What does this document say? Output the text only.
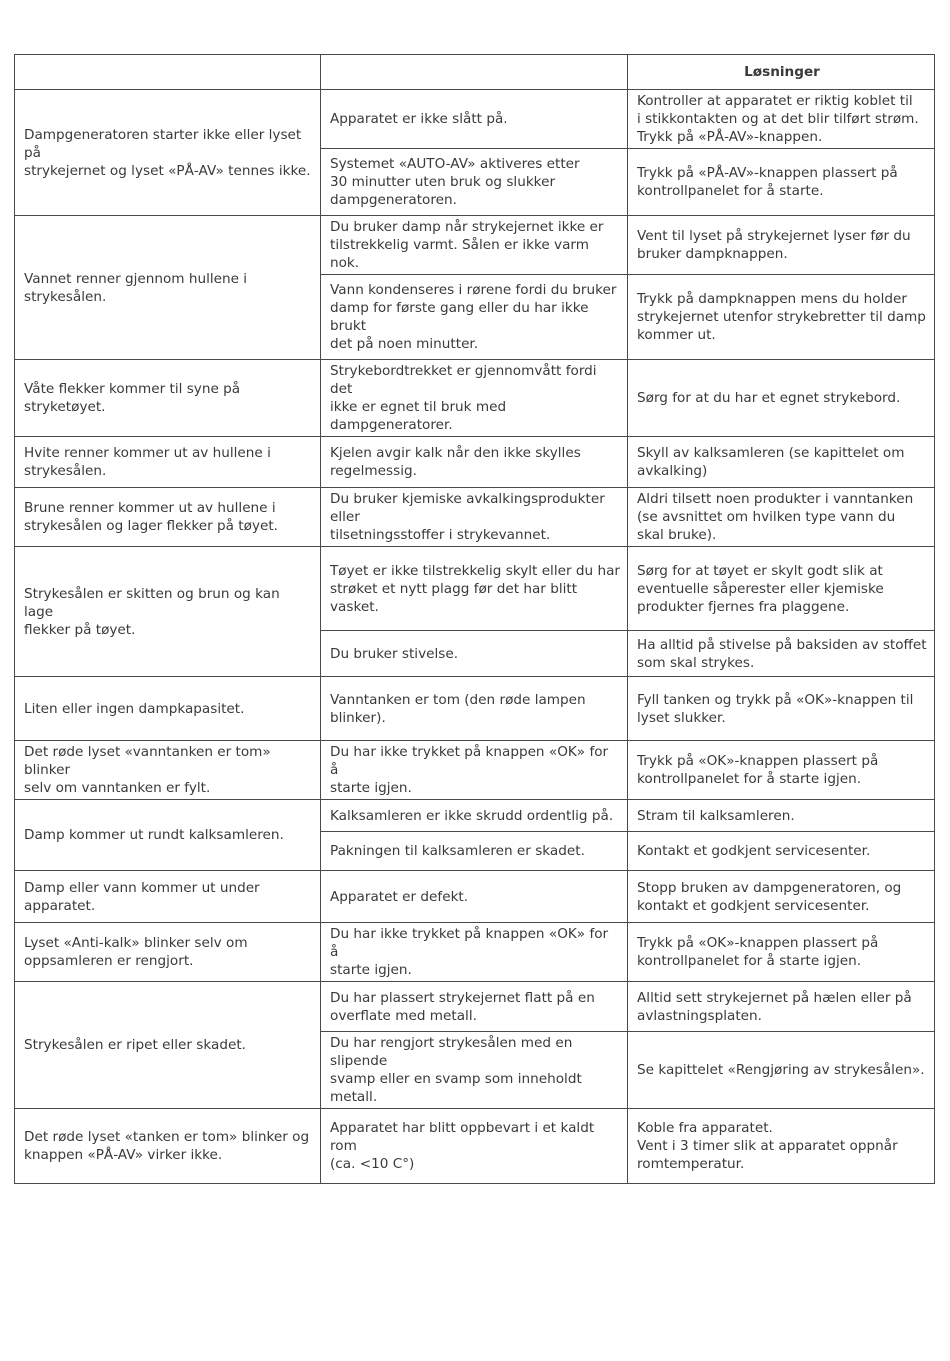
		Løsninger
Dampgeneratoren starter ikke eller lyset på
strykejernet og lyset «PÅ-AV» tennes ikke.	Apparatet er ikke slått på.	Kontroller at apparatet er riktig koblet til
i stikkontakten og at det blir tilført strøm.
Trykk på «PÅ-AV»-knappen.
	Systemet «AUTO-AV» aktiveres etter
30 minutter uten bruk og slukker
dampgeneratoren.	Trykk på «PÅ-AV»-knappen plassert på
kontrollpanelet for å starte.
Vannet renner gjennom hullene i
strykesålen.	Du bruker damp når strykejernet ikke er
tilstrekkelig varmt. Sålen er ikke varm nok.	Vent til lyset på strykejernet lyser før du
bruker dampknappen.
	Vann kondenseres i rørene fordi du bruker
damp for første gang eller du har ikke brukt
det på noen minutter.	Trykk på dampknappen mens du holder
strykejernet utenfor strykebretter til damp
kommer ut.
Våte flekker kommer til syne på stryketøyet.	Strykebordtrekket er gjennomvått fordi det
ikke er egnet til bruk med dampgeneratorer.	Sørg for at du har et egnet strykebord.
Hvite renner kommer ut av hullene i
strykesålen.	Kjelen avgir kalk når den ikke skylles
regelmessig.	Skyll av kalksamleren (se kapittelet om
avkalking)
Brune renner kommer ut av hullene i
strykesålen og lager flekker på tøyet.	Du bruker kjemiske avkalkingsprodukter eller
tilsetningsstoffer i strykevannet.	Aldri tilsett noen produkter i vanntanken
(se avsnittet om hvilken type vann du
skal bruke).
Strykesålen er skitten og brun og kan lage
flekker på tøyet.	Tøyet er ikke tilstrekkelig skylt eller du har
strøket et nytt plagg før det har blitt vasket.	Sørg for at tøyet er skylt godt slik at
eventuelle såperester eller kjemiske
produkter fjernes fra plaggene.
	Du bruker stivelse.	Ha alltid på stivelse på baksiden av stoffet
som skal strykes.
Liten eller ingen dampkapasitet.	Vanntanken er tom (den røde lampen
blinker).	Fyll tanken og trykk på «OK»-knappen til
lyset slukker.
Det røde lyset «vanntanken er tom» blinker
selv om vanntanken er fylt.	Du har ikke trykket på knappen «OK» for å
starte igjen.	Trykk på «OK»-knappen plassert på
kontrollpanelet for å starte igjen.
Damp kommer ut rundt kalksamleren.	Kalksamleren er ikke skrudd ordentlig på.	Stram til kalksamleren.
	Pakningen til kalksamleren er skadet.	Kontakt et godkjent servicesenter.
Damp eller vann kommer ut under
apparatet.	Apparatet er defekt.	Stopp bruken av dampgeneratoren, og
kontakt et godkjent servicesenter.
Lyset «Anti-kalk» blinker selv om
oppsamleren er rengjort.	Du har ikke trykket på knappen «OK» for å
starte igjen.	Trykk på «OK»-knappen plassert på
kontrollpanelet for å starte igjen.
Strykesålen er ripet eller skadet.	Du har plassert strykejernet flatt på en
overflate med metall.	Alltid sett strykejernet på hælen eller på
avlastningsplaten.
	Du har rengjort strykesålen med en slipende
svamp eller en svamp som inneholdt metall.	Se kapittelet «Rengjøring av strykesålen».
Det røde lyset «tanken er tom» blinker og
knappen «PÅ-AV» virker ikke.	Apparatet har blitt oppbevart i et kaldt rom
(ca. <10 C°)	Koble fra apparatet.
Vent i 3 timer slik at apparatet oppnår
romtemperatur.
